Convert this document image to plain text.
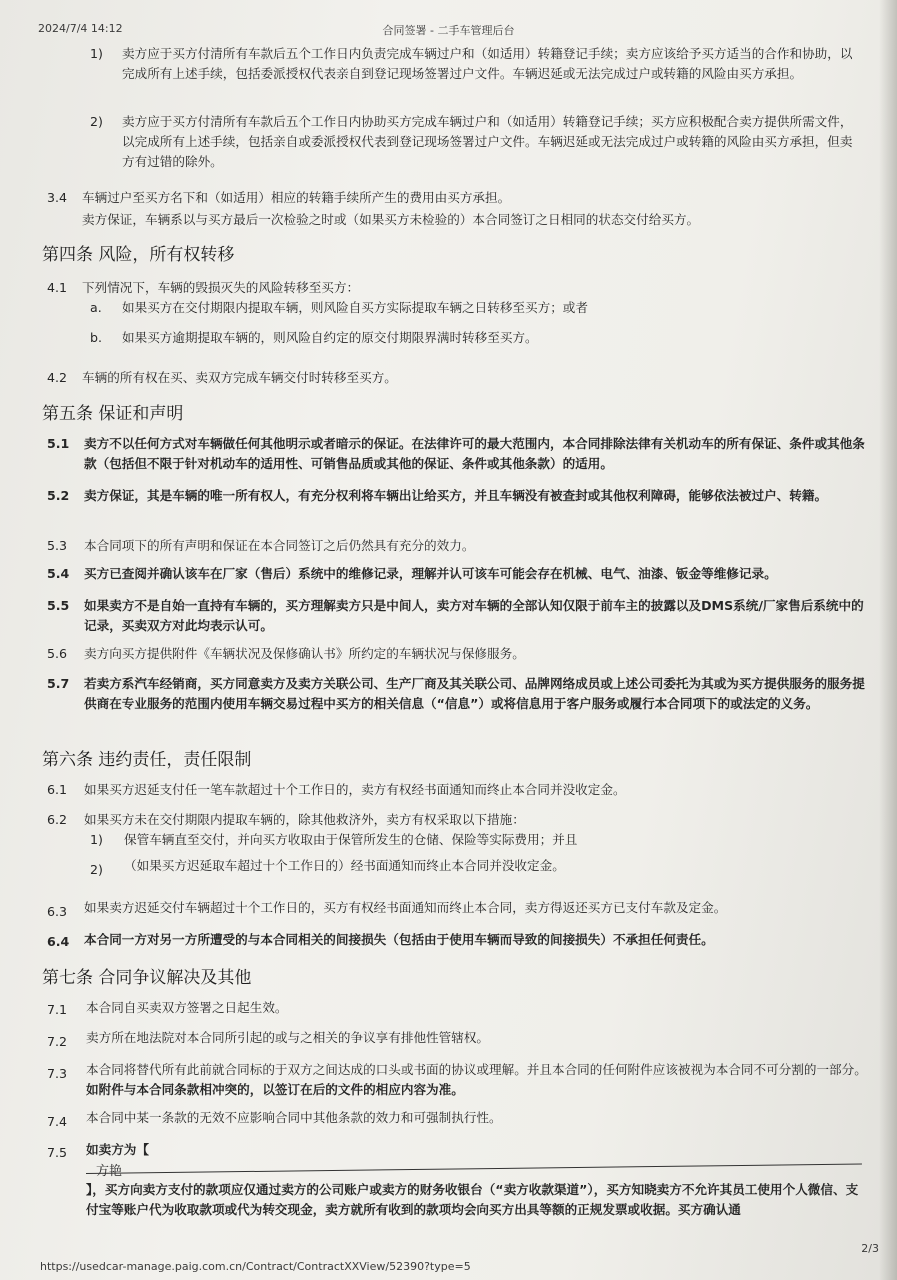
2024/7/4 14:12	合同签署 - 二手车管理后台
1) 卖方应于买方付清所有车款后五个工作日内负责完成车辆过户和（如适用）转籍登记手续；卖方应该给予买方适当的合作和协助，以完成所有上述手续，包括委派授权代表亲自到登记现场签署过户文件。车辆迟延或无法完成过户或转籍的风险由买方承担。
2) 卖方应于买方付清所有车款后五个工作日内协助买方完成车辆过户和（如适用）转籍登记手续；买方应积极配合卖方提供所需文件，以完成所有上述手续，包括亲自或委派授权代表到登记现场签署过户文件。车辆迟延或无法完成过户或转籍的风险由买方承担，但卖方有过错的除外。
3.4 车辆过户至买方名下和（如适用）相应的转籍手续所产生的费用由买方承担。
卖方保证，车辆系以与买方最后一次检验之时或（如果买方未检验的）本合同签订之日相同的状态交付给买方。
第四条 风险，所有权转移
4.1 下列情况下，车辆的毁损灭失的风险转移至买方：
a. 如果买方在交付期限内提取车辆，则风险自买方实际提取车辆之日转移至买方；或者
b. 如果买方逾期提取车辆的，则风险自约定的原交付期限界满时转移至买方。
4.2 车辆的所有权在买、卖双方完成车辆交付时转移至买方。
第五条 保证和声明
5.1 卖方不以任何方式对车辆做任何其他明示或者暗示的保证。在法律许可的最大范围内，本合同排除法律有关机动车的所有保证、条件或其他条款（包括但不限于针对机动车的适用性、可销售品质或其他的保证、条件或其他条款）的适用。
5.2 卖方保证，其是车辆的唯一所有权人，有充分权利将车辆出让给买方，并且车辆没有被查封或其他权利障碍，能够依法被过户、转籍。
5.3 本合同项下的所有声明和保证在本合同签订之后仍然具有充分的效力。
5.4 买方已查阅并确认该车在厂家（售后）系统中的维修记录，理解并认可该车可能会存在机械、电气、油漆、钣金等维修记录。
5.5 如果卖方不是自始一直持有车辆的，买方理解卖方只是中间人，卖方对车辆的全部认知仅限于前车主的披露以及DMS系统/厂家售后系统中的记录，买卖双方对此均表示认可。
5.6 卖方向买方提供附件《车辆状况及保修确认书》所约定的车辆状况与保修服务。
5.7 若卖方系汽车经销商，买方同意卖方及卖方关联公司、生产厂商及其关联公司、品牌网络成员或上述公司委托为其或为买方提供服务的服务提供商在专业服务的范围内使用车辆交易过程中买方的相关信息（“信息”）或将信息用于客户服务或履行本合同项下的或法定的义务。
第六条 违约责任，责任限制
6.1 如果买方迟延支付任一笔车款超过十个工作日的，卖方有权经书面通知而终止本合同并没收定金。
6.2 如果买方未在交付期限内提取车辆的，除其他救济外，卖方有权采取以下措施：
1) 保管车辆直至交付，并向买方收取由于保管所发生的仓储、保险等实际费用；并且
2) （如果买方迟延取车超过十个工作日的）经书面通知而终止本合同并没收定金。
6.3 如果卖方迟延交付车辆超过十个工作日的，买方有权经书面通知而终止本合同，卖方得返还买方已支付车款及定金。
6.4 本合同一方对另一方所遭受的与本合同相关的间接损失（包括由于使用车辆而导致的间接损失）不承担任何责任。
第七条 合同争议解决及其他
7.1 本合同自买卖双方签署之日起生效。
7.2 卖方所在地法院对本合同所引起的或与之相关的争议享有排他性管辖权。
7.3 本合同将替代所有此前就合同标的于双方之间达成的口头或书面的协议或理解。并且本合同的任何附件应该被视为本合同不可分割的一部分。如附件与本合同条款相冲突的，以签订在后的文件的相应内容为准。
7.4 本合同中某一条款的无效不应影响合同中其他条款的效力和可强制执行性。
7.5 如卖方为【
方艳
】，买方向卖方支付的款项应仅通过卖方的公司账户或卖方的财务收银台（“卖方收款渠道”），买方知晓卖方不允许其员工使用个人微信、支付宝等账户代为收取款项或代为转交现金，卖方就所有收到的款项均会向买方出具等额的正规发票或收据。买方确认通
2/3
https://usedcar-manage.paig.com.cn/Contract/ContractXXView/52390?type=5
